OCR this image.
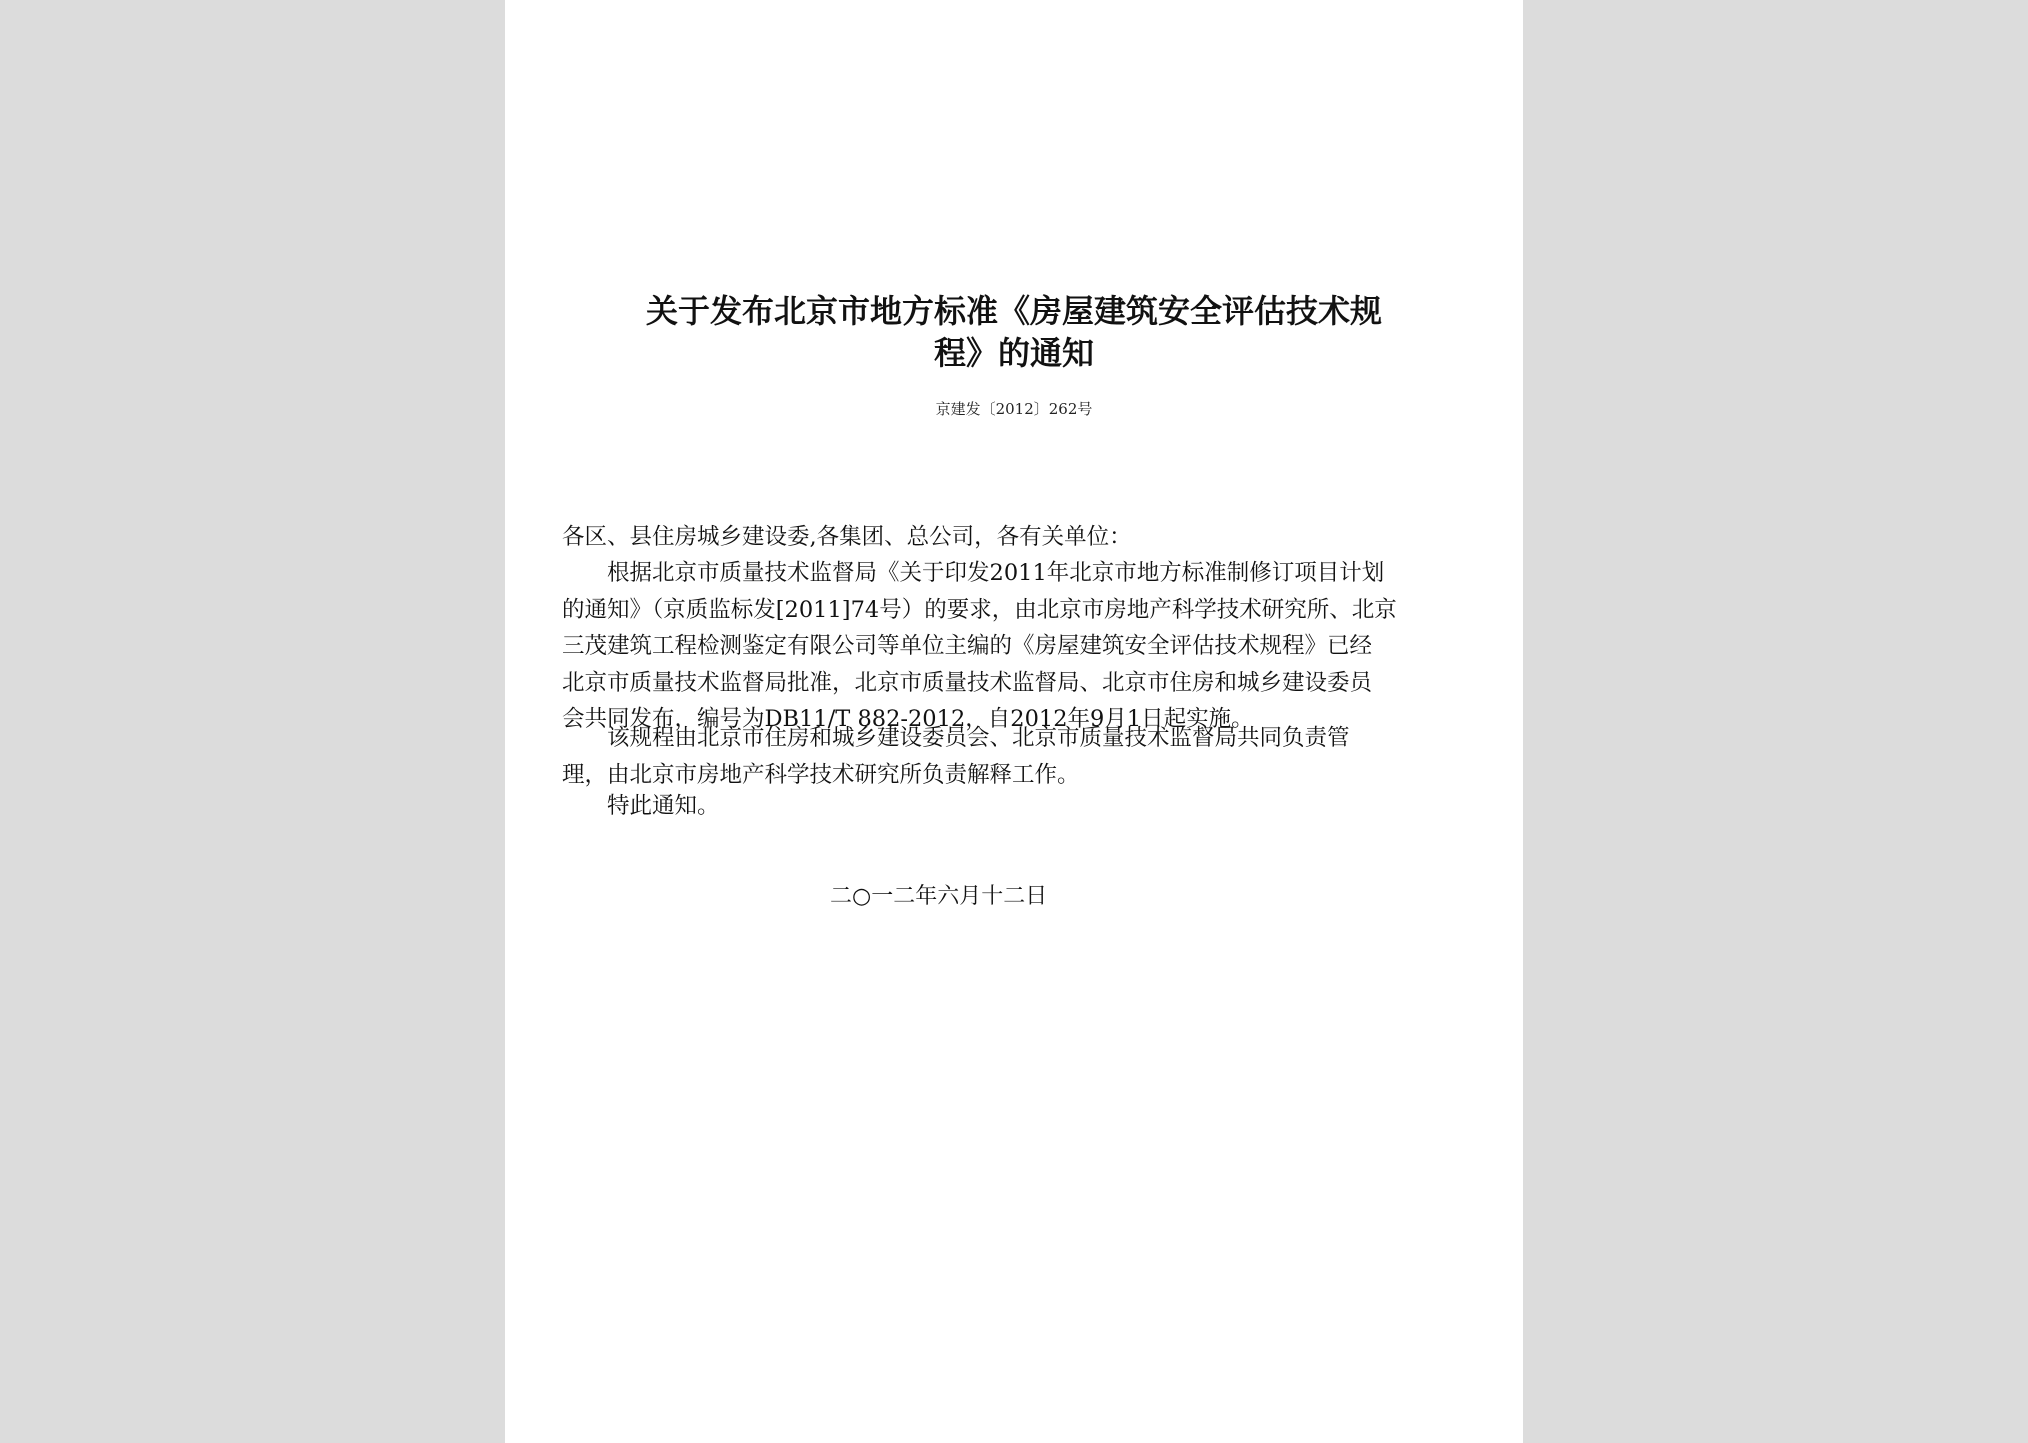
关于发布北京市地方标准《房屋建筑安全评估技术规
程》的通知
京建发〔2012〕262号
各区、县住房城乡建设委,各集团、总公司，各有关单位：
根据北京市质量技术监督局《关于印发2011年北京市地方标准制修订项目计划
的通知》（京质监标发[2011]74号）的要求，由北京市房地产科学技术研究所、北京
三茂建筑工程检测鉴定有限公司等单位主编的《房屋建筑安全评估技术规程》已经
北京市质量技术监督局批准，北京市质量技术监督局、北京市住房和城乡建设委员
会共同发布，编号为DB11/T 882-2012，自2012年9月1日起实施。
该规程由北京市住房和城乡建设委员会、北京市质量技术监督局共同负责管
理，由北京市房地产科学技术研究所负责解释工作。
特此通知。
二○一二年六月十二日
